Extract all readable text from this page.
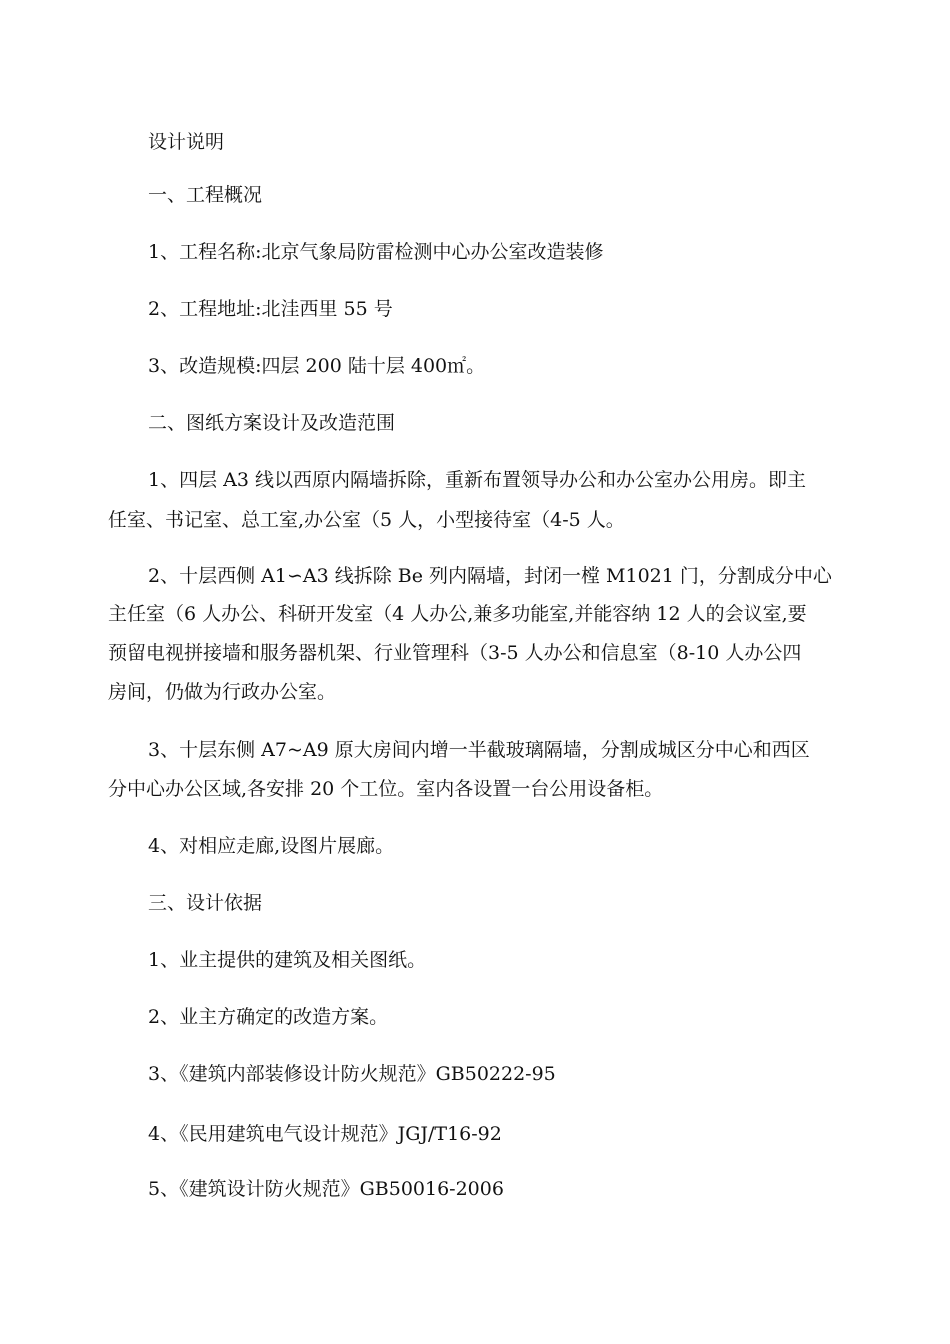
设计说明
一、工程概况
1、工程名称:北京气象局防雷检测中心办公室改造装修
2、工程地址:北洼西里 55 号
3、改造规模:四层 200 陆十层 400㎡。
二、图纸方案设计及改造范围
1、四层 A3 线以西原内隔墙拆除，重新布置领导办公和办公室办公用房。即主
任室、书记室、总工室,办公室（5 人，小型接待室（4-5 人。
2、十层西侧 A1∽A3 线拆除 Be 列内隔墙，封闭一樘 M1021 门，分割成分中心
主任室（6 人办公、科研开发室（4 人办公,兼多功能室,并能容纳 12 人的会议室,要
预留电视拼接墙和服务器机架、行业管理科（3-5 人办公和信息室（8-10 人办公四
房间，仍做为行政办公室。
3、十层东侧 A7~A9 原大房间内增一半截玻璃隔墙，分割成城区分中心和西区
分中心办公区域,各安排 20 个工位。室内各设置一台公用设备柜。
4、对相应走廊,设图片展廊。
三、设计依据
1、业主提供的建筑及相关图纸。
2、业主方确定的改造方案。
3、《建筑内部装修设计防火规范》GB50222-95
4、《民用建筑电气设计规范》JGJ/T16-92
5、《建筑设计防火规范》GB50016-2006
